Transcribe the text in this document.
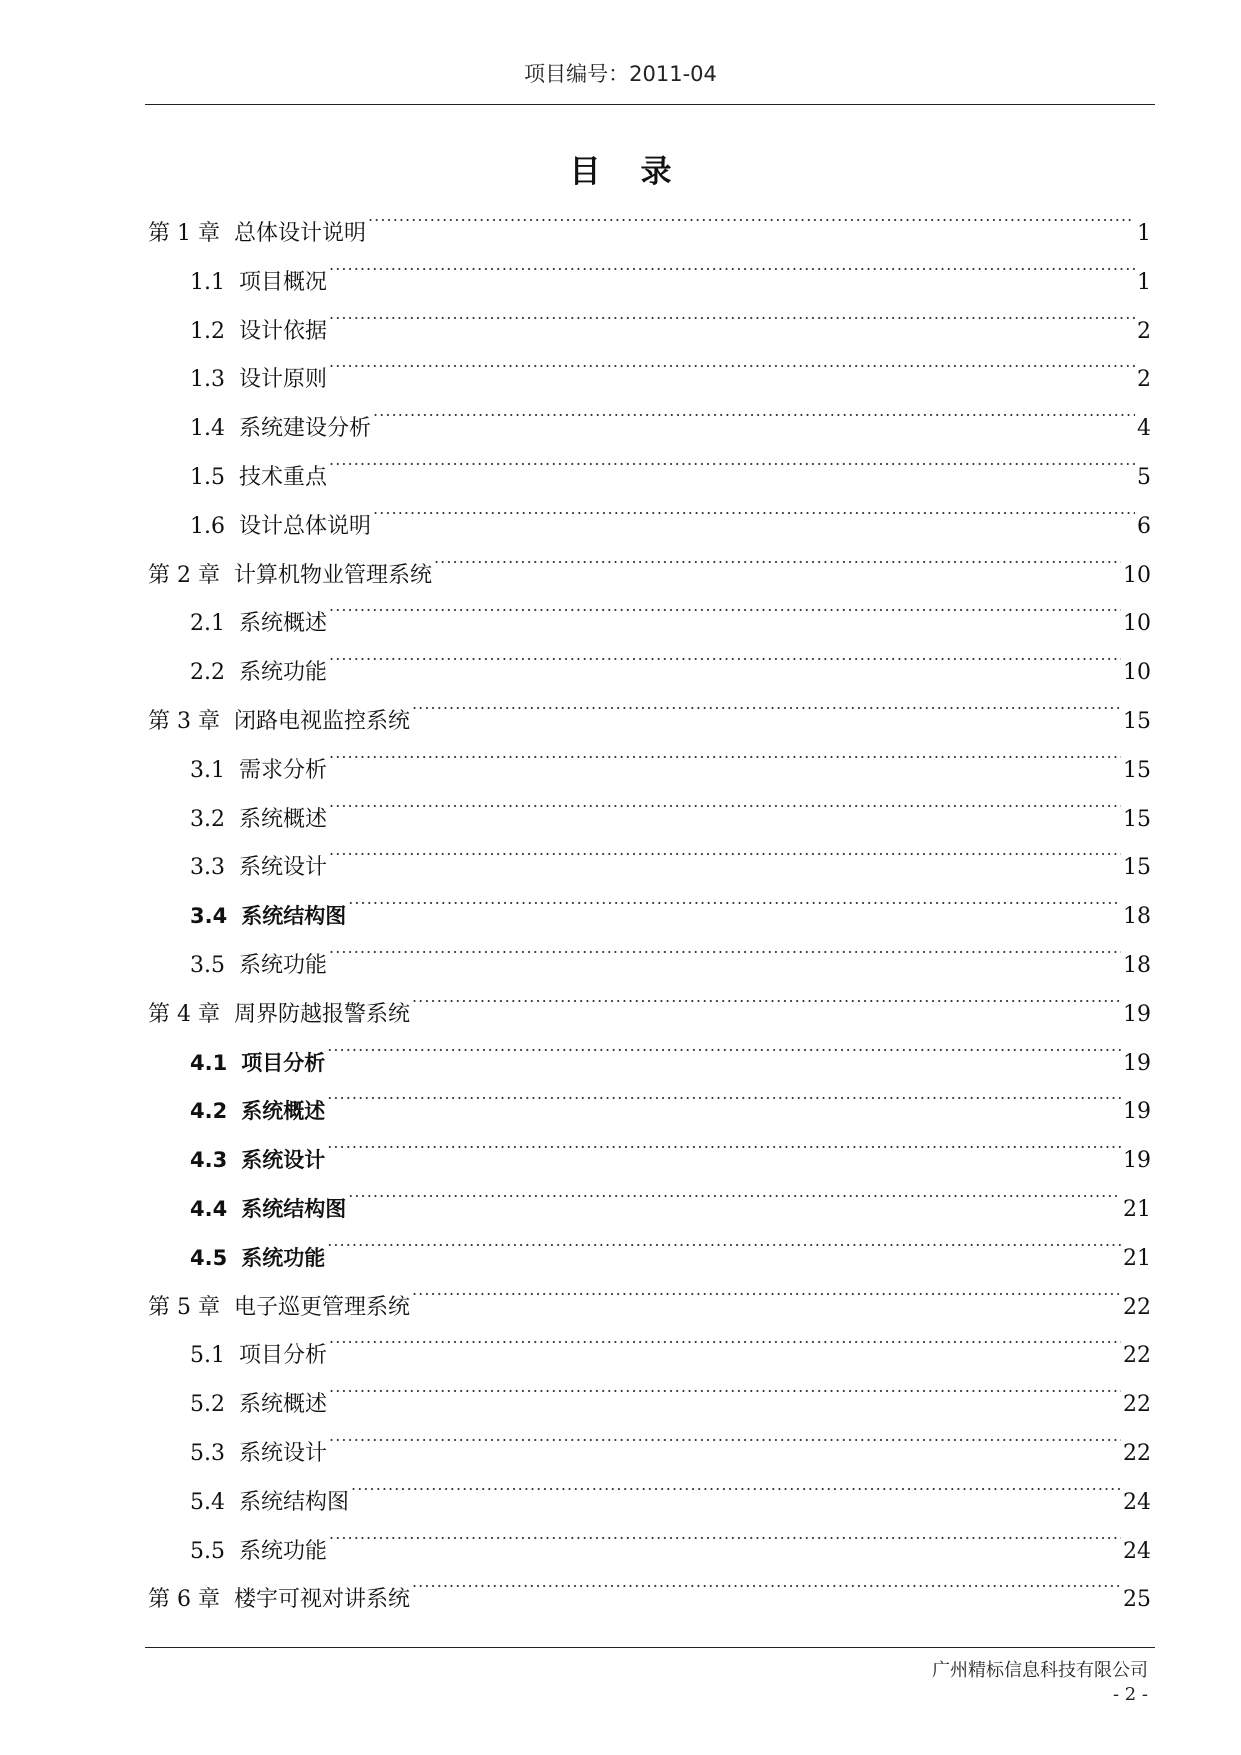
项目编号：2011-04
目录
第 1 章 总体设计说明 . . .	1
1.1 项目概况 . . .	1
1.2 设计依据 . . .	2
1.3 设计原则 . . .	2
1.4 系统建设分析 . . .	4
1.5 技术重点 . . .	5
1.6 设计总体说明 . . .	6
第 2 章 计算机物业管理系统 . . .	10
2.1 系统概述 . . .	10
2.2 系统功能 . . .	10
第 3 章 闭路电视监控系统 . . .	15
3.1 需求分析 . . .	15
3.2 系统概述 . . .	15
3.3 系统设计 . . .	15
3.4 系统结构图 . . .	18
3.5 系统功能 . . .	18
第 4 章 周界防越报警系统 . . .	19
4.1 项目分析 . . .	19
4.2 系统概述 . . .	19
4.3 系统设计 . . .	19
4.4 系统结构图 . . .	21
4.5 系统功能 . . .	21
第 5 章 电子巡更管理系统 . . .	22
5.1 项目分析 . . .	22
5.2 系统概述 . . .	22
5.3 系统设计 . . .	22
5.4 系统结构图 . . .	24
5.5 系统功能 . . .	24
第 6 章 楼宇可视对讲系统 . . .	25
广州精标信息科技有限公司
- 2 -
